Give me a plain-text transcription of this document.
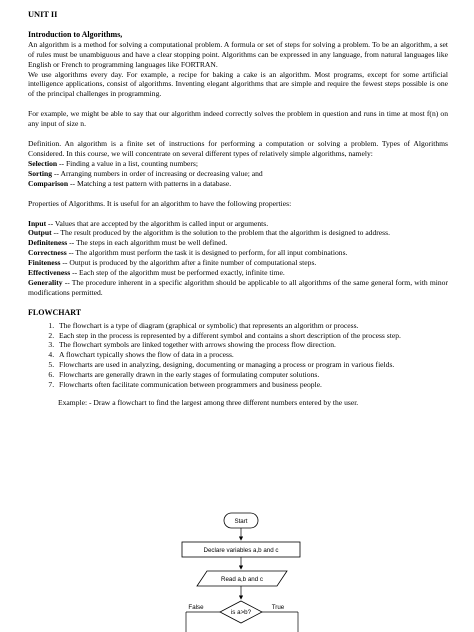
UNIT II
Introduction to Algorithms,

An algorithm is a method for solving a computational problem. A formula or set of steps for solving a problem. To be an algorithm, a set of rules must be unambiguous and have a clear stopping point. Algorithms can be expressed in any language, from natural languages like English or French to programming languages like FORTRAN.

We use algorithms every day. For example, a recipe for baking a cake is an algorithm. Most programs, except for some artificial intelligence applications, consist of algorithms. Inventing elegant algorithms that are simple and require the fewest steps possible is one of the principal challenges in programming.

For example, we might be able to say that our algorithm indeed correctly solves the problem in question and runs in time at most f(n) on any input of size n.

Definition. An algorithm is a finite set of instructions for performing a computation or solving a problem. Types of Algorithms Considered. In this course, we will concentrate on several different types of relatively simple algorithms, namely:

Selection -- Finding a value in a list, counting numbers;
Sorting -- Arranging numbers in order of increasing or decreasing value; and
Comparison -- Matching a test pattern with patterns in a database.

Properties of Algorithms. It is useful for an algorithm to have the following properties:

Input -- Values that are accepted by the algorithm is called input or arguments.

Output -- The result produced by the algorithm is the solution to the problem that the algorithm is designed to address.

Definiteness -- The steps in each algorithm must be well defined.

Correctness -- The algorithm must perform the task it is designed to perform, for all input combinations.

Finiteness -- Output is produced by the algorithm after a finite number of computational steps.

Effectiveness -- Each step of the algorithm must be performed exactly, infinite time.

Generality -- The procedure inherent in a specific algorithm should be applicable to all algorithms of the same general form, with minor modifications permitted.

FLOWCHART
1. The flowchart is a type of diagram (graphical or symbolic) that represents an algorithm or process.
2. Each step in the process is represented by a different symbol and contains a short description of the process step.
3. The flowchart symbols are linked together with arrows showing the process flow direction.
4. A flowchart typically shows the flow of data in a process.
5. Flowcharts are used in analyzing, designing, documenting or managing a process or program in various fields.
6. Flowcharts are generally drawn in the early stages of formulating computer solutions.
7. Flowcharts often facilitate communication between programmers and business people.

Example: - Draw a flowchart to find the largest among three different numbers entered by the user.

Start
Declare variables a,b and c
Read a,b and c
is a>b?
False	True
